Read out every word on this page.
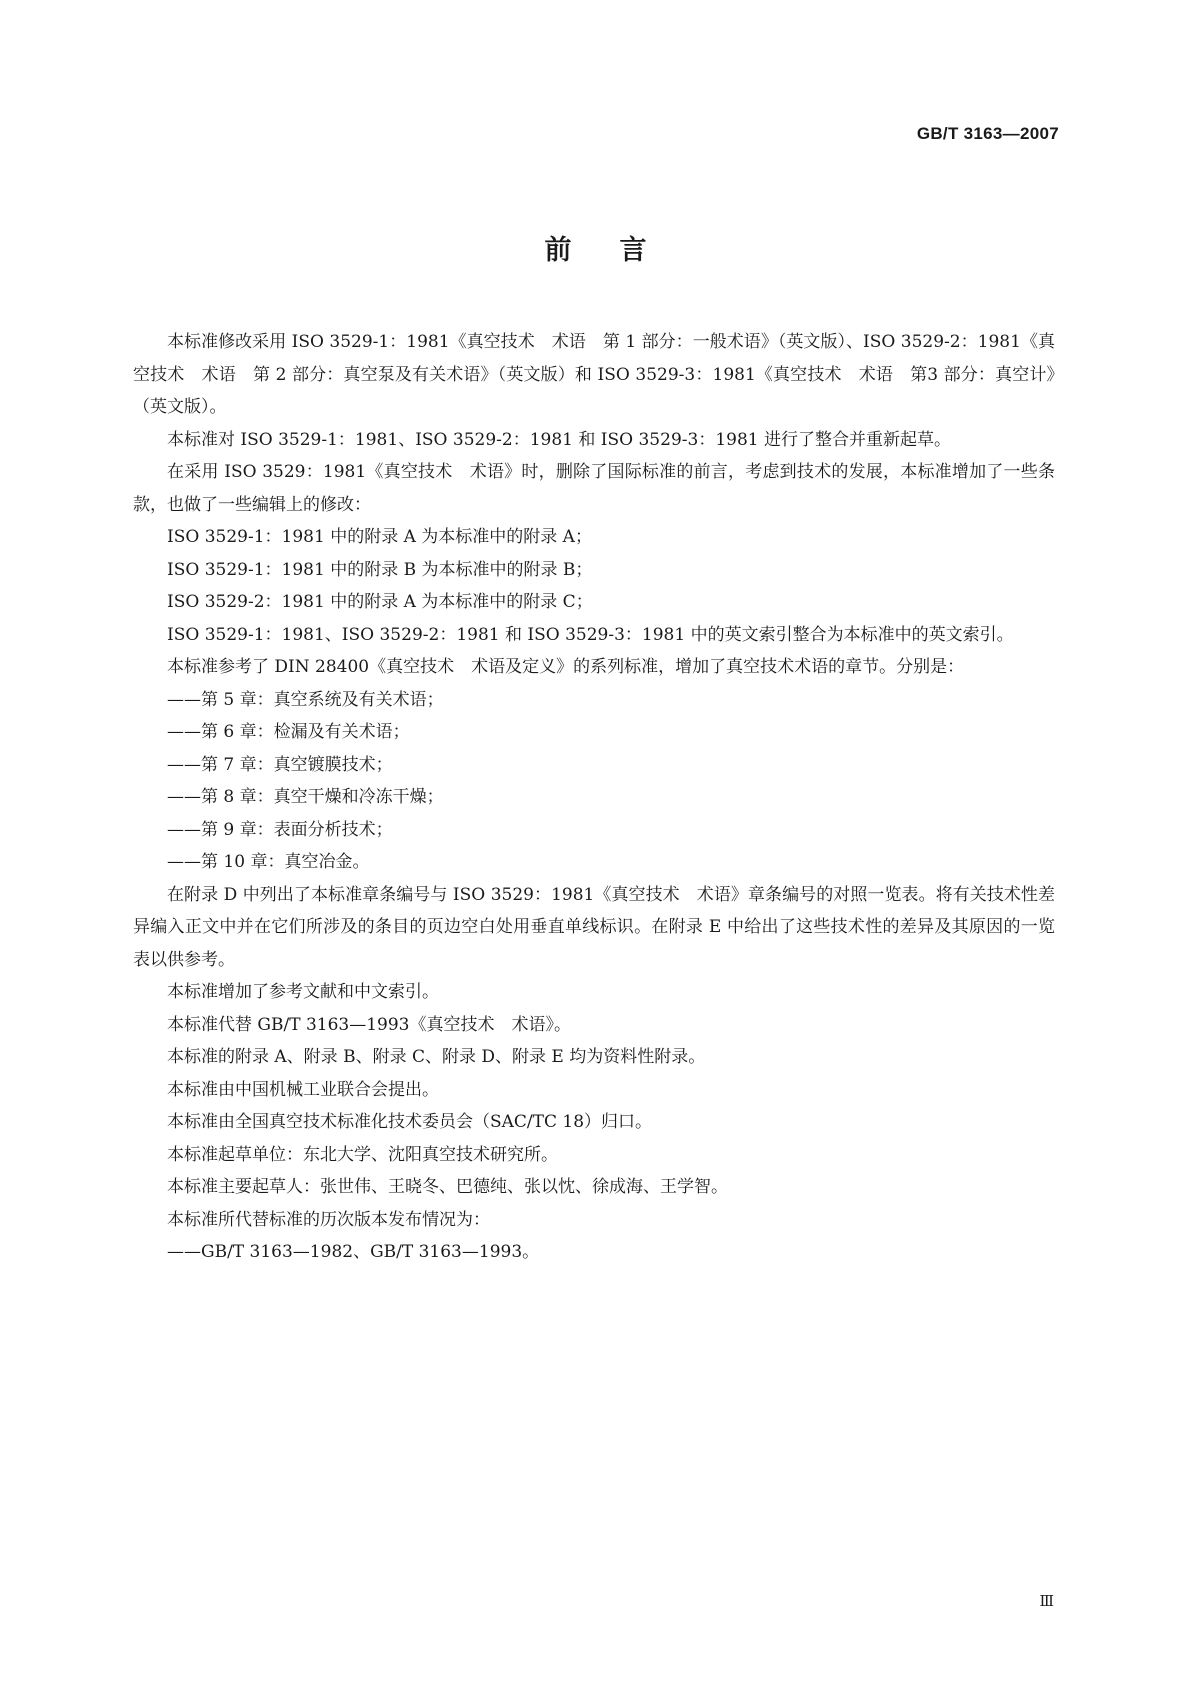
GB/T 3163—2007
前言

本标准修改采用 ISO 3529-1：1981《真空技术　术语　第 1 部分：一般术语》（英文版）、ISO 3529-2：1981《真空技术　术语　第 2 部分：真空泵及有关术语》（英文版）和 ISO 3529-3：1981《真空技术　术语　第3 部分：真空计》（英文版）。

本标准对 ISO 3529-1：1981、ISO 3529-2：1981 和 ISO 3529-3：1981 进行了整合并重新起草。

在采用 ISO 3529：1981《真空技术　术语》时，删除了国际标准的前言，考虑到技术的发展，本标准增加了一些条款，也做了一些编辑上的修改：

ISO 3529-1：1981 中的附录 A 为本标准中的附录 A；

ISO 3529-1：1981 中的附录 B 为本标准中的附录 B；

ISO 3529-2：1981 中的附录 A 为本标准中的附录 C；

ISO 3529-1：1981、ISO 3529-2：1981 和 ISO 3529-3：1981 中的英文索引整合为本标准中的英文索引。

本标准参考了 DIN 28400《真空技术　术语及定义》的系列标准，增加了真空技术术语的章节。分别是：

——第 5 章：真空系统及有关术语；

——第 6 章：检漏及有关术语；

——第 7 章：真空镀膜技术；

——第 8 章：真空干燥和冷冻干燥；

——第 9 章：表面分析技术；

——第 10 章：真空冶金。

在附录 D 中列出了本标准章条编号与 ISO 3529：1981《真空技术　术语》章条编号的对照一览表。将有关技术性差异编入正文中并在它们所涉及的条目的页边空白处用垂直单线标识。在附录 E 中给出了这些技术性的差异及其原因的一览表以供参考。

本标准增加了参考文献和中文索引。

本标准代替 GB/T 3163—1993《真空技术　术语》。

本标准的附录 A、附录 B、附录 C、附录 D、附录 E 均为资料性附录。

本标准由中国机械工业联合会提出。

本标准由全国真空技术标准化技术委员会（SAC/TC 18）归口。

本标准起草单位：东北大学、沈阳真空技术研究所。

本标准主要起草人：张世伟、王晓冬、巴德纯、张以忱、徐成海、王学智。

本标准所代替标准的历次版本发布情况为：

——GB/T 3163—1982、GB/T 3163—1993。

Ⅲ
